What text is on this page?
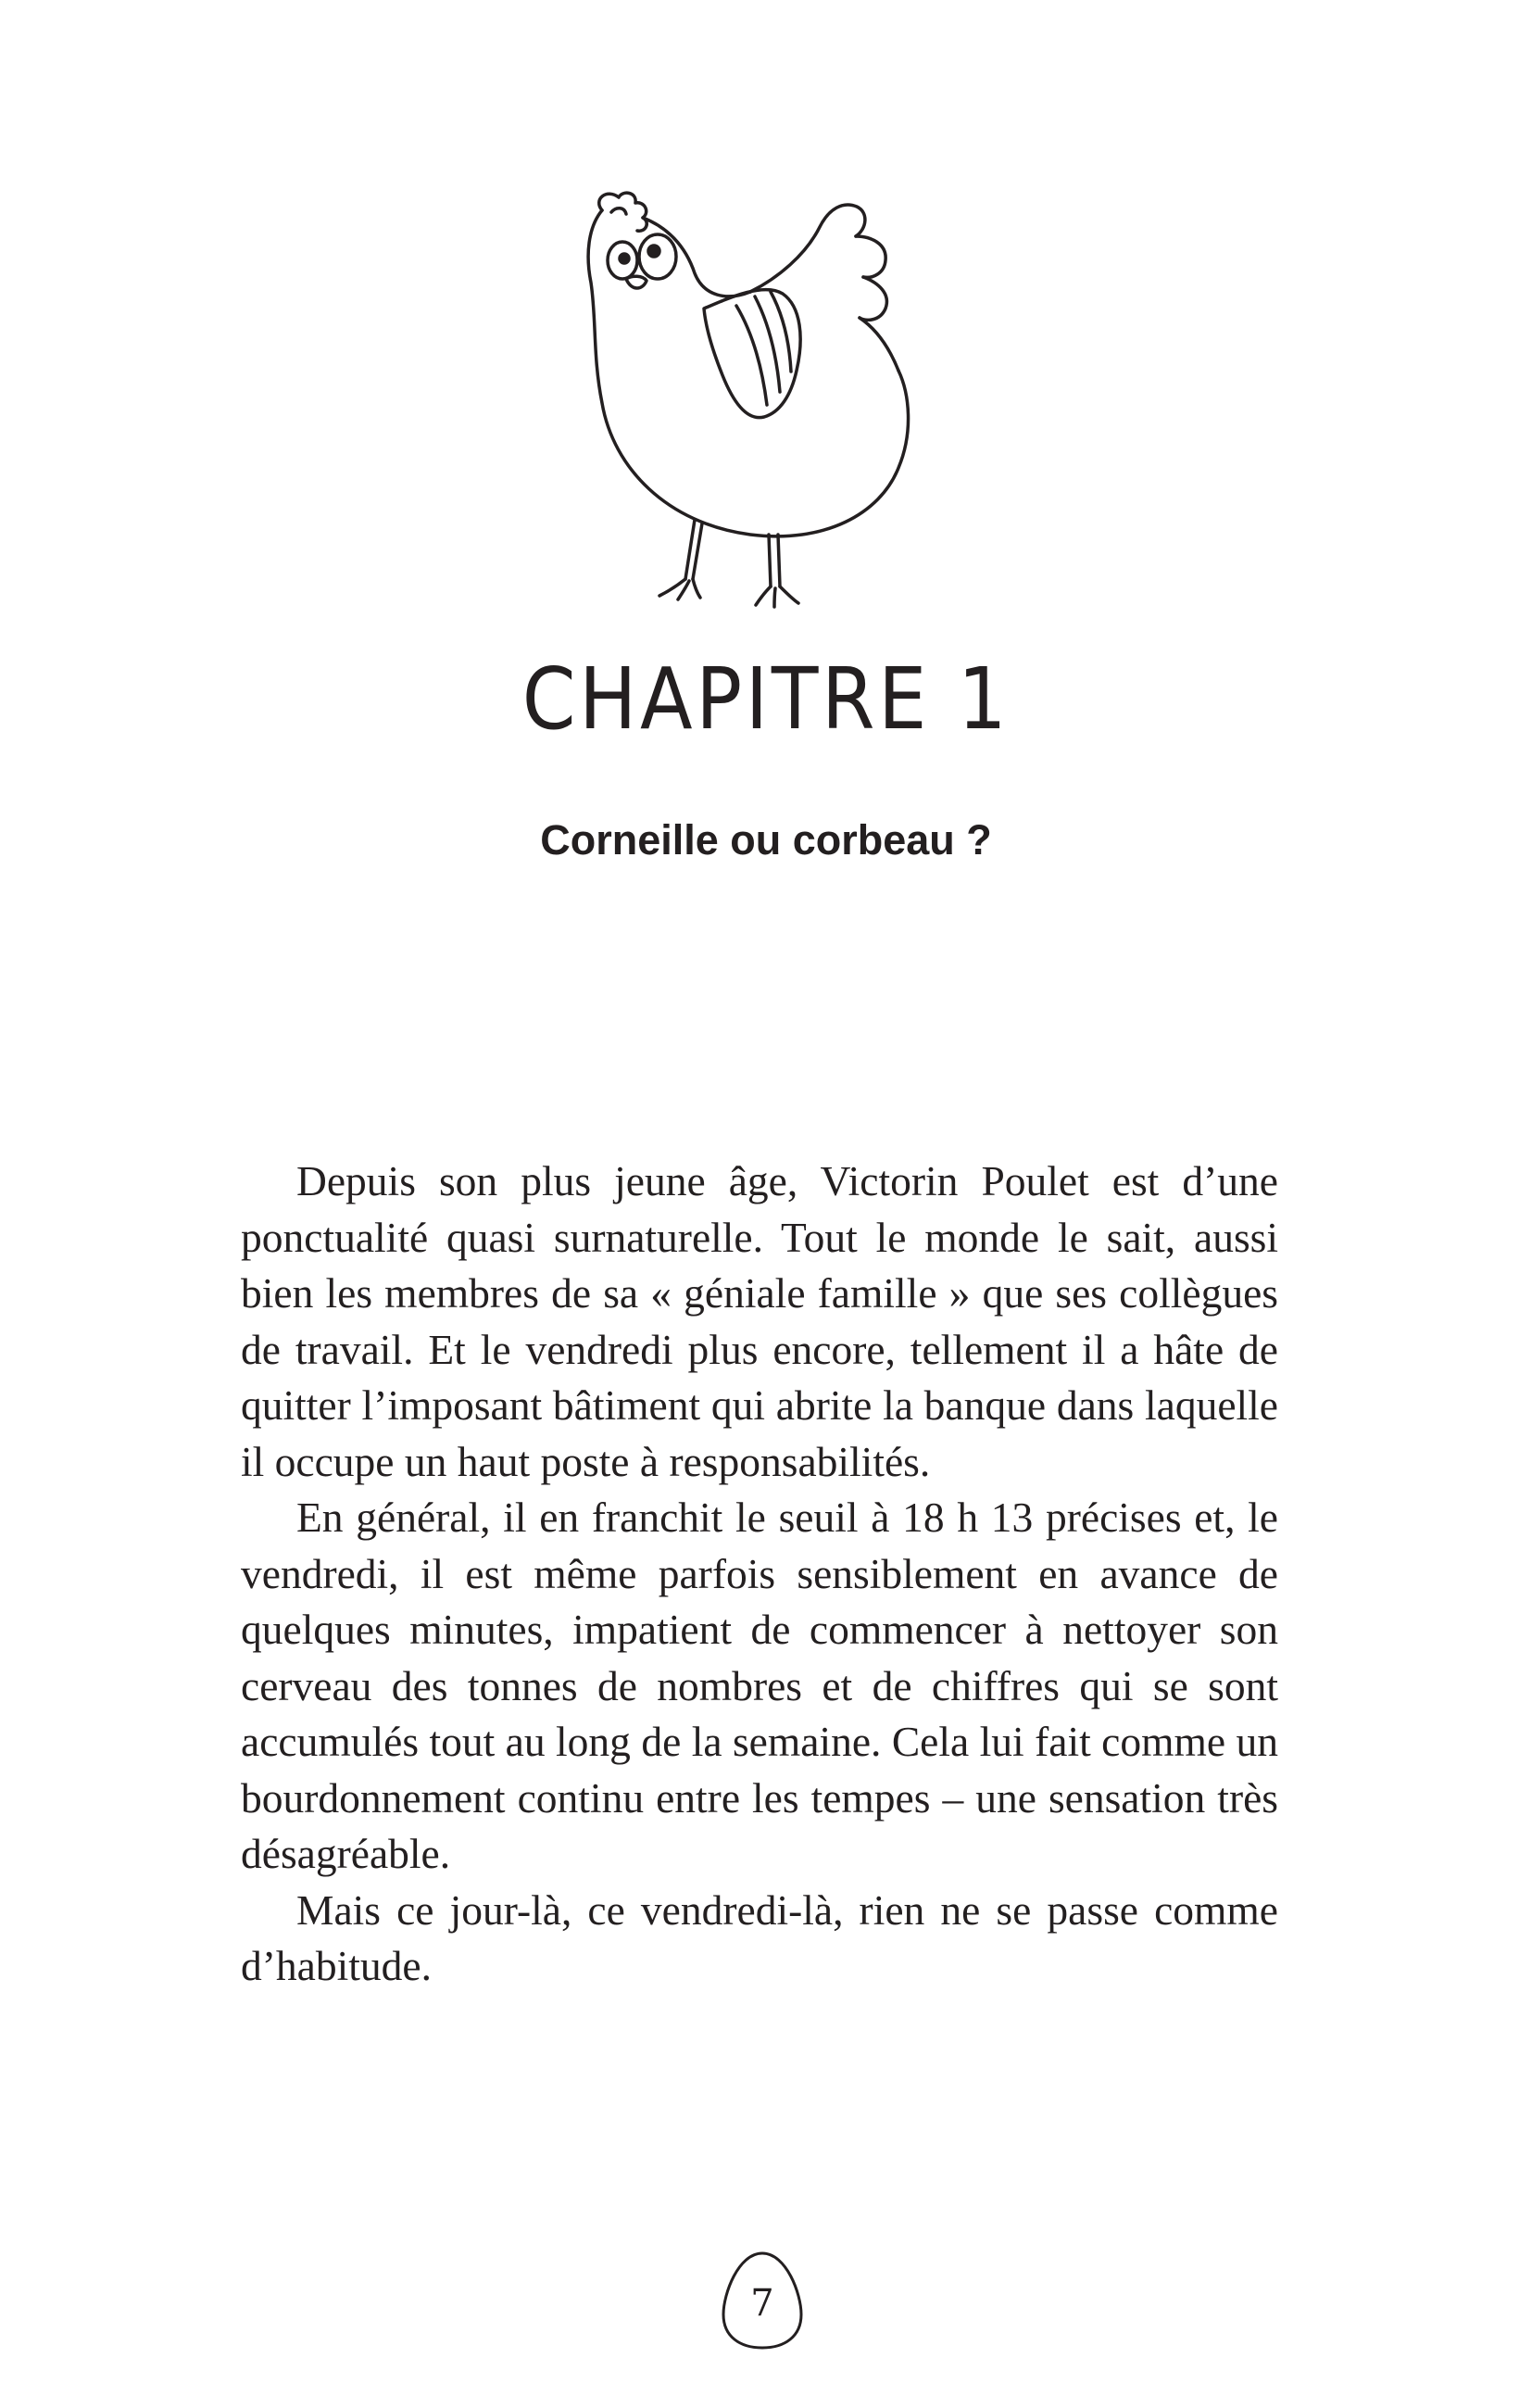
CHAPITRE 1
Corneille ou corbeau ?

Depuis son plus jeune âge, Victorin Poulet est d’une ponctualité quasi surnaturelle. Tout le monde le sait, aussi bien les membres de sa « géniale famille » que ses collègues de travail. Et le vendredi plus encore, tellement il a hâte de quitter l’imposant bâtiment qui abrite la banque dans laquelle il occupe un haut poste à responsabilités.

En général, il en franchit le seuil à 18 h 13 précises et, le vendredi, il est même parfois sensiblement en avance de quelques minutes, impatient de commencer à nettoyer son cerveau des tonnes de nombres et de chiffres qui se sont accumulés tout au long de la semaine. Cela lui fait comme un bourdonnement continu entre les tempes – une sensation très désagréable.

Mais ce jour-là, ce vendredi-là, rien ne se passe comme d’habitude.

7
